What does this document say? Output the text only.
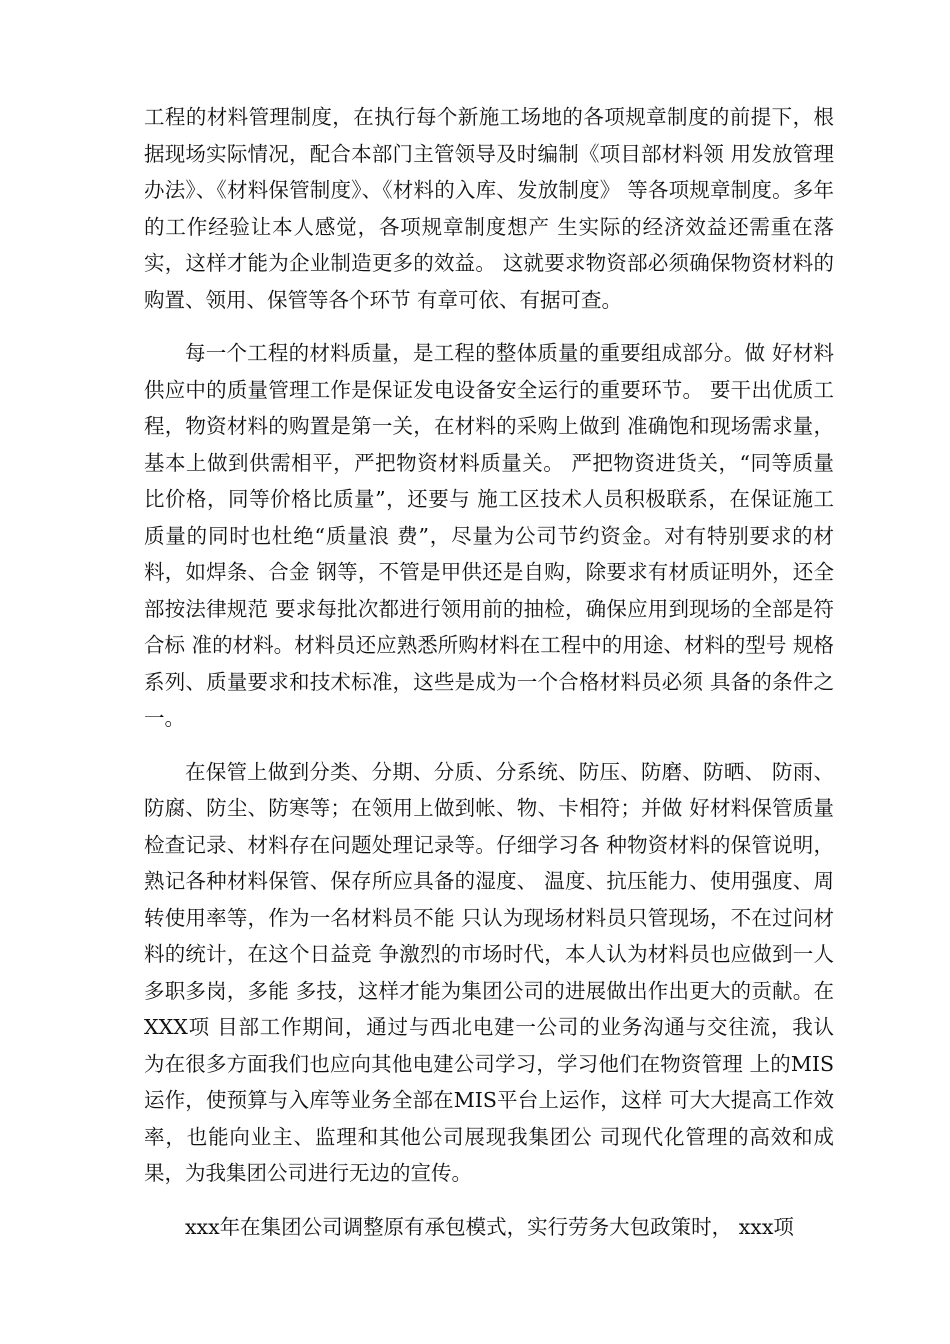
工程的材料管理制度，在执行每个新施工场地的各项规章制度的前提下，根据现场实际情况，配合本部门主管领导及时编制《项目部材料领 用发放管理办法》、《材料保管制度》、《材料的入库、发放制度》 等各项规章制度。多年的工作经验让本人感觉，各项规章制度想产 生实际的经济效益还需重在落实，这样才能为企业制造更多的效益。 这就要求物资部必须确保物资材料的购置、领用、保管等各个环节 有章可依、有据可查。

每一个工程的材料质量，是工程的整体质量的重要组成部分。做 好材料供应中的质量管理工作是保证发电设备安全运行的重要环节。 要干出优质工程，物资材料的购置是第一关，在材料的采购上做到 准确饱和现场需求量，基本上做到供需相平，严把物资材料质量关。 严把物资进货关，“同等质量比价格，同等价格比质量”，还要与 施工区技术人员积极联系，在保证施工质量的同时也杜绝“质量浪 费”，尽量为公司节约资金。对有特别要求的材料，如焊条、合金 钢等，不管是甲供还是自购，除要求有材质证明外，还全部按法律规范 要求每批次都进行领用前的抽检，确保应用到现场的全部是符合标 准的材料。材料员还应熟悉所购材料在工程中的用途、材料的型号 规格系列、质量要求和技术标准，这些是成为一个合格材料员必须 具备的条件之一。

在保管上做到分类、分期、分质、分系统、防压、防磨、防晒、 防雨、防腐、防尘、防寒等；在领用上做到帐、物、卡相符；并做 好材料保管质量检查记录、材料存在问题处理记录等。仔细学习各 种物资材料的保管说明，熟记各种材料保管、保存所应具备的湿度、 温度、抗压能力、使用强度、周转使用率等，作为一名材料员不能 只认为现场材料员只管现场，不在过问材料的统计，在这个日益竞 争激烈的市场时代，本人认为材料员也应做到一人多职多岗，多能 多技，这样才能为集团公司的进展做出作出更大的贡献。在XXX项 目部工作期间，通过与西北电建一公司的业务沟通与交往流，我认 为在很多方面我们也应向其他电建公司学习，学习他们在物资管理 上的MIS运作，使预算与入库等业务全部在MIS平台上运作，这样 可大大提高工作效率，也能向业主、监理和其他公司展现我集团公 司现代化管理的高效和成果，为我集团公司进行无边的宣传。

xxx年在集团公司调整原有承包模式，实行劳务大包政策时， xxx项
